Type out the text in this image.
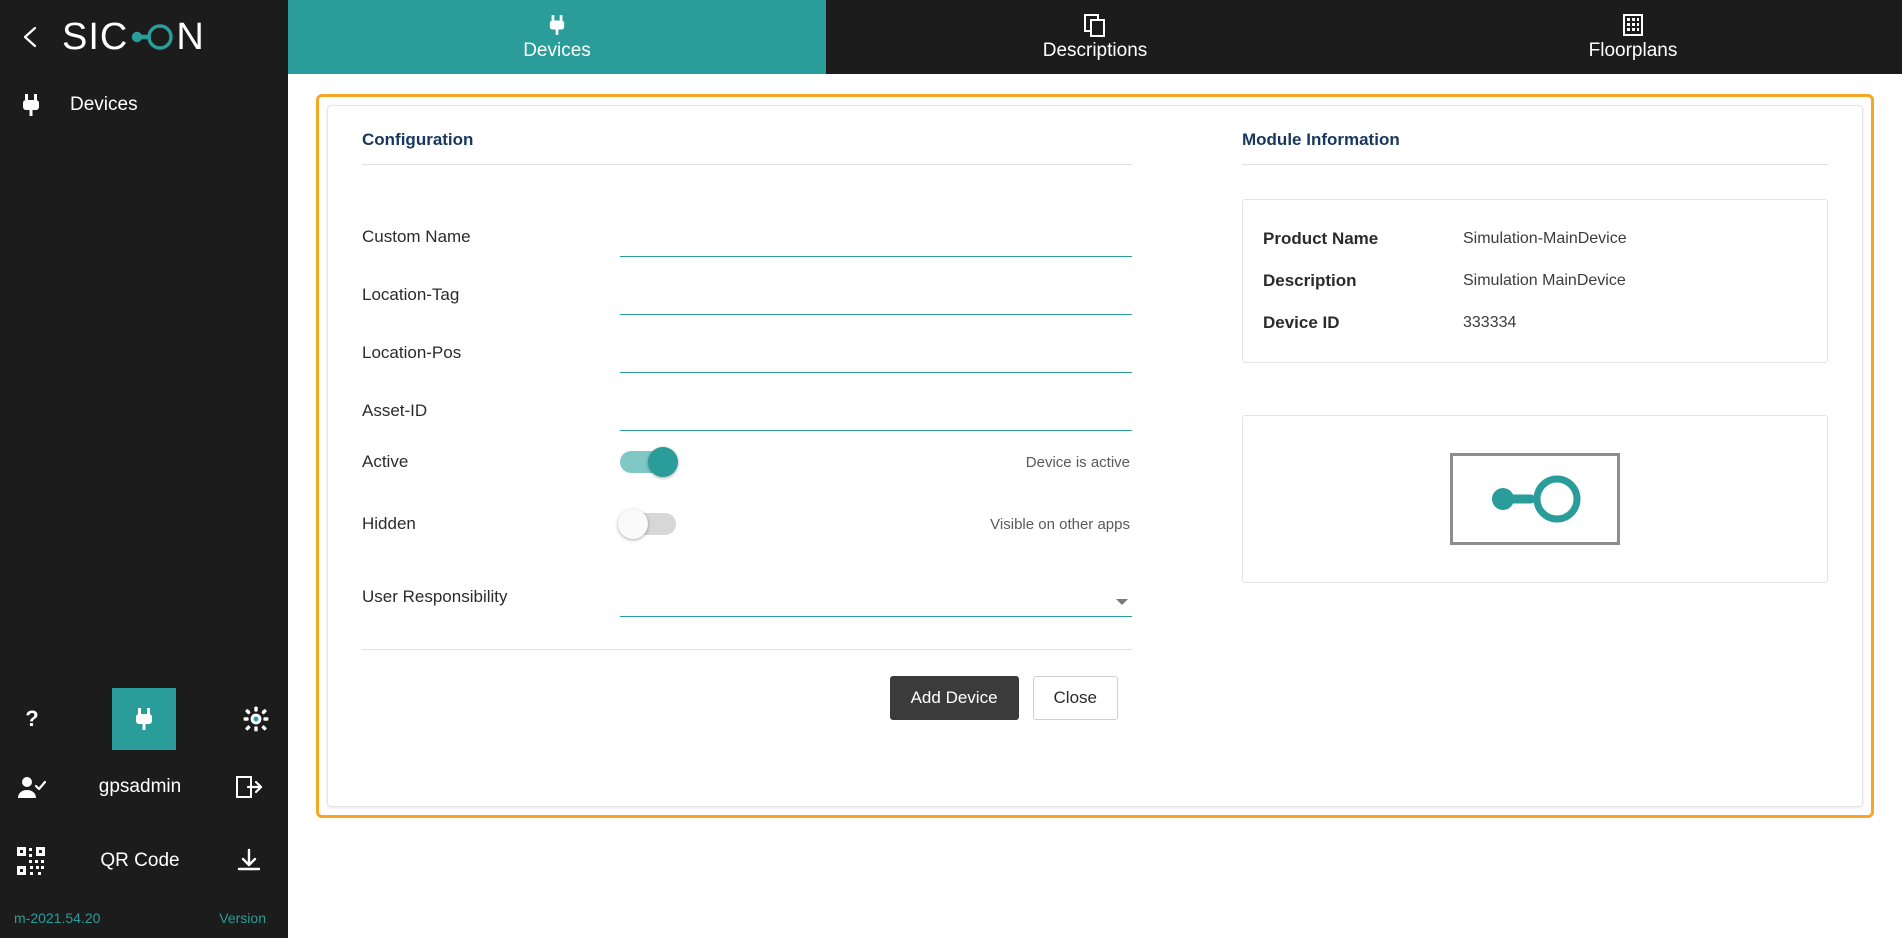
SIC N
Devices
?
gpsadmin
QR Code
m-2021.54.20	Version
Devices	Descriptions	Floorplans
Configuration
Custom Name
Location-Tag
Location-Pos
Asset-ID
Active	Device is active
Hidden	Visible on other apps
User Responsibility
Add Device	Close
Module Information
Product Name	Simulation-MainDevice
Description	Simulation MainDevice
Device ID	333334
